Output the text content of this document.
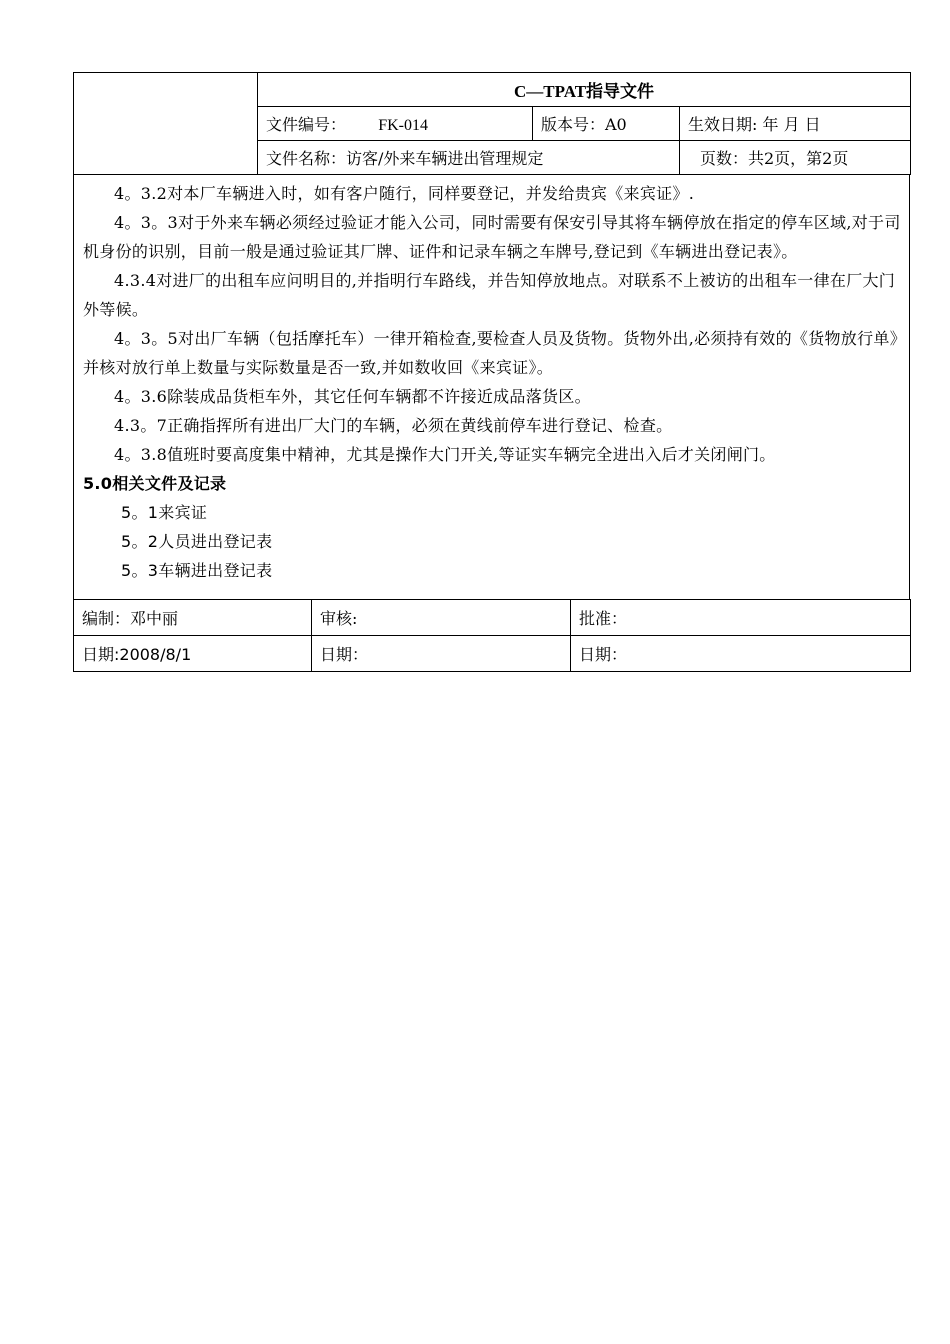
	C—TPAT指导文件		
	文件编号： FK-014	版本号：A0	生效日期: 年 月 日
	文件名称：访客/外来车辆进出管理规定		页数：共2页，第2页

4。3.2对本厂车辆进入时，如有客户随行，同样要登记，并发给贵宾《来宾证》.

4。3。3对于外来车辆必须经过验证才能入公司，同时需要有保安引导其将车辆停放在指定的停车区域,对于司机身份的识别，目前一般是通过验证其厂牌、证件和记录车辆之车牌号,登记到《车辆进出登记表》。

4.3.4对进厂的出租车应问明目的,并指明行车路线，并告知停放地点。对联系不上被访的出租车一律在厂大门外等候。

4。3。5对出厂车辆（包括摩托车）一律开箱检查,要检查人员及货物。货物外出,必须持有效的《货物放行单》并核对放行单上数量与实际数量是否一致,并如数收回《来宾证》。

4。3.6除装成品货柜车外，其它任何车辆都不许接近成品落货区。

4.3。7正确指挥所有进出厂大门的车辆，必须在黄线前停车进行登记、检查。

4。3.8值班时要高度集中精神，尤其是操作大门开关,等证实车辆完全进出入后才关闭闸门。

5.0相关文件及记录

5。1来宾证

5。2人员进出登记表

5。3车辆进出登记表

编制：邓中丽	审核:	批准：
日期:2008/8/1	日期：	日期：
